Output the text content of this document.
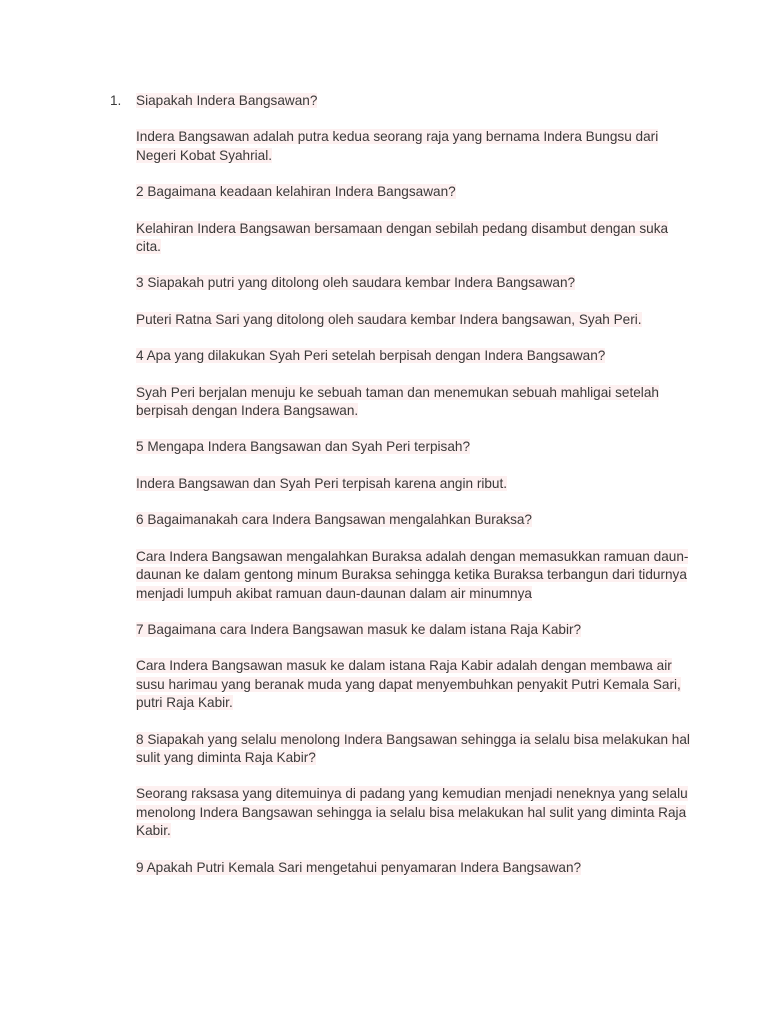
1. Siapakah Indera Bangsawan?

Indera Bangsawan adalah putra kedua seorang raja yang bernama Indera Bungsu dari Negeri Kobat Syahrial.

2 Bagaimana keadaan kelahiran Indera Bangsawan?

Kelahiran Indera Bangsawan bersamaan dengan sebilah pedang disambut dengan suka cita.

3 Siapakah putri yang ditolong oleh saudara kembar Indera Bangsawan?

Puteri Ratna Sari yang ditolong oleh saudara kembar Indera bangsawan, Syah Peri.

4 Apa yang dilakukan Syah Peri setelah berpisah dengan Indera Bangsawan?

Syah Peri berjalan menuju ke sebuah taman dan menemukan sebuah mahligai setelah berpisah dengan Indera Bangsawan.

5 Mengapa Indera Bangsawan dan Syah Peri terpisah?

Indera Bangsawan dan Syah Peri terpisah karena angin ribut.

6 Bagaimanakah cara Indera Bangsawan mengalahkan Buraksa?

Cara Indera Bangsawan mengalahkan Buraksa adalah dengan memasukkan ramuan daun-daunan ke dalam gentong minum Buraksa sehingga ketika Buraksa terbangun dari tidurnya menjadi lumpuh akibat ramuan daun-daunan dalam air minumnya

7 Bagaimana cara Indera Bangsawan masuk ke dalam istana Raja Kabir?

Cara Indera Bangsawan masuk ke dalam istana Raja Kabir adalah dengan membawa air susu harimau yang beranak muda yang dapat menyembuhkan penyakit Putri Kemala Sari, putri Raja Kabir.

8 Siapakah yang selalu menolong Indera Bangsawan sehingga ia selalu bisa melakukan hal sulit yang diminta Raja Kabir?

Seorang raksasa yang ditemuinya di padang yang kemudian menjadi neneknya yang selalu menolong Indera Bangsawan sehingga ia selalu bisa melakukan hal sulit yang diminta Raja Kabir.

9 Apakah Putri Kemala Sari mengetahui penyamaran Indera Bangsawan?
